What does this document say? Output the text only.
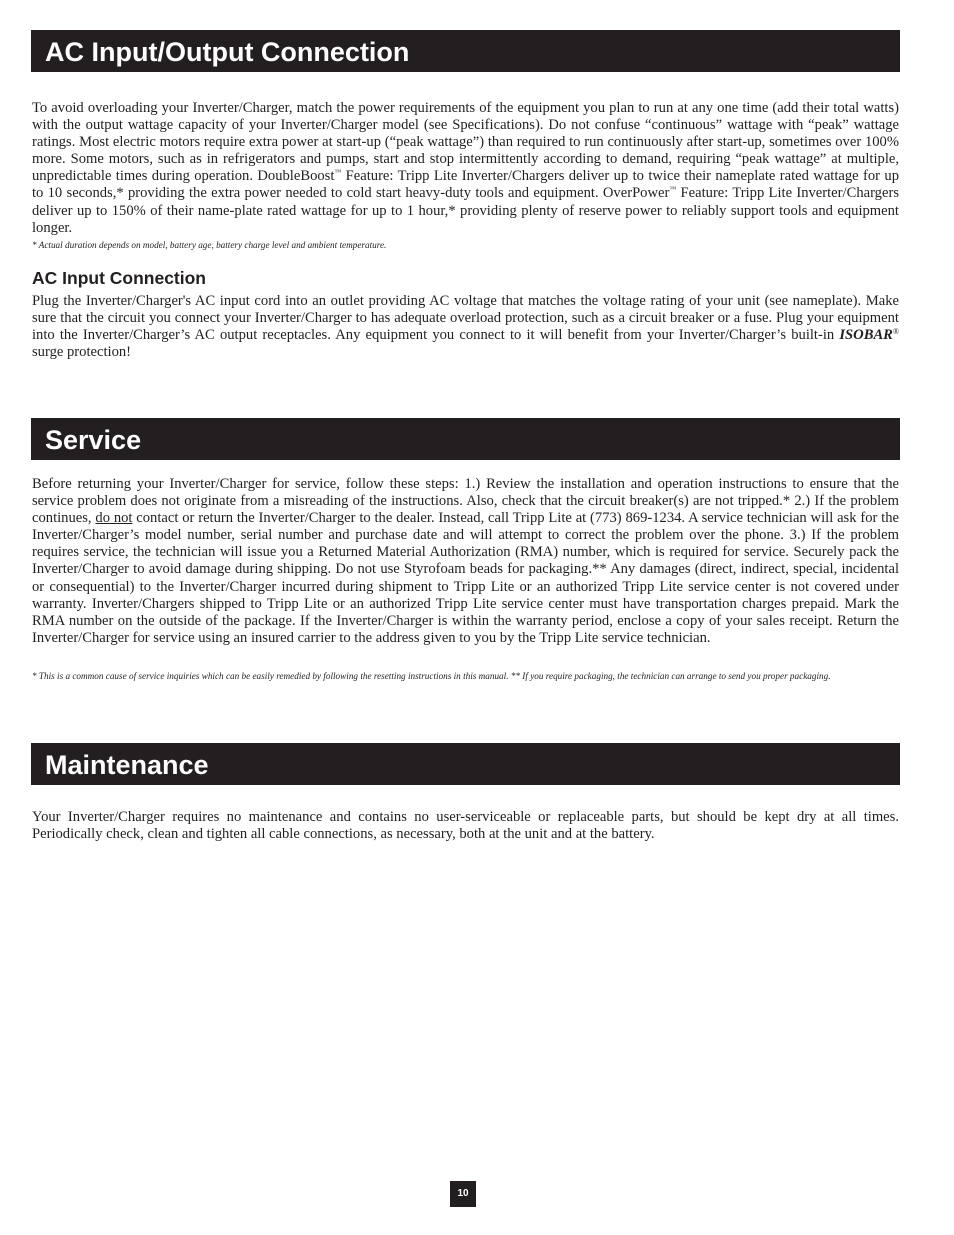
AC Input/Output Connection

To avoid overloading your Inverter/Charger, match the power requirements of the equipment you plan to run at any one time (add their total watts) with the output wattage capacity of your Inverter/Charger model (see Specifications). Do not confuse “continuous” wattage with “peak” wattage ratings. Most electric motors require extra power at start-up (“peak wattage”) than required to run continuously after start-up, sometimes over 100% more. Some motors, such as in refrigerators and pumps, start and stop intermittently according to demand, requiring “peak wattage” at multiple, unpredictable times during operation. DoubleBoost™ Feature: Tripp Lite Inverter/Chargers deliver up to twice their nameplate rated wattage for up to 10 seconds,* providing the extra power needed to cold start heavy-duty tools and equipment. OverPower™ Feature: Tripp Lite Inverter/Chargers deliver up to 150% of their name-plate rated wattage for up to 1 hour,* providing plenty of reserve power to reliably support tools and equipment longer.

* Actual duration depends on model, battery age, battery charge level and ambient temperature.

AC Input Connection

Plug the Inverter/Charger's AC input cord into an outlet providing AC voltage that matches the voltage rating of your unit (see nameplate). Make sure that the circuit you connect your Inverter/Charger to has adequate overload protection, such as a circuit breaker or a fuse. Plug your equipment into the Inverter/Charger’s AC output receptacles. Any equipment you connect to it will benefit from your Inverter/Charger’s built-in ISOBAR® surge protection!

Service

Before returning your Inverter/Charger for service, follow these steps: 1.) Review the installation and operation instructions to ensure that the service problem does not originate from a misreading of the instructions. Also, check that the circuit breaker(s) are not tripped.* 2.) If the problem continues, do not contact or return the Inverter/Charger to the dealer. Instead, call Tripp Lite at (773) 869-1234. A service technician will ask for the Inverter/Charger’s model number, serial number and purchase date and will attempt to correct the problem over the phone. 3.) If the problem requires service, the technician will issue you a Returned Material Authorization (RMA) number, which is required for service. Securely pack the Inverter/Charger to avoid damage during shipping. Do not use Styrofoam beads for packaging.** Any damages (direct, indirect, special, incidental or consequential) to the Inverter/Charger incurred during shipment to Tripp Lite or an authorized Tripp Lite service center is not covered under warranty. Inverter/Chargers shipped to Tripp Lite or an authorized Tripp Lite service center must have transportation charges prepaid. Mark the RMA number on the outside of the package. If the Inverter/Charger is within the warranty period, enclose a copy of your sales receipt. Return the Inverter/Charger for service using an insured carrier to the address given to you by the Tripp Lite service technician.

* This is a common cause of service inquiries which can be easily remedied by following the resetting instructions in this manual. ** If you require packaging, the technician can arrange to send you proper packaging.

Maintenance

Your Inverter/Charger requires no maintenance and contains no user-serviceable or replaceable parts, but should be kept dry at all times. Periodically check, clean and tighten all cable connections, as necessary, both at the unit and at the battery.

10
